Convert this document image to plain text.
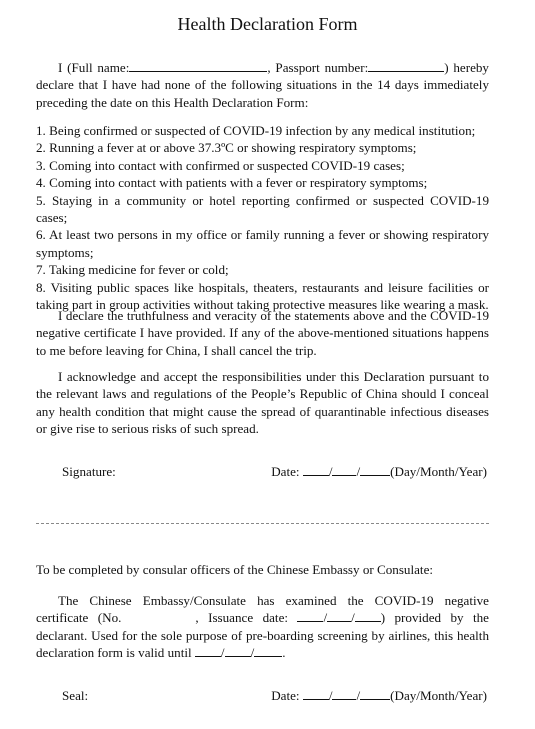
Health Declaration Form
I (Full name:	, Passport number:	) hereby declare that I have had none of the following situations in the 14 days immediately preceding the date on this Health Declaration Form:
1. Being confirmed or suspected of COVID-19 infection by any medical institution;
2. Running a fever at or above 37.3ºC or showing respiratory symptoms;
3. Coming into contact with confirmed or suspected COVID-19 cases;
4. Coming into contact with patients with a fever or respiratory symptoms;
5. Staying in a community or hotel reporting confirmed or suspected COVID-19 cases;
6. At least two persons in my office or family running a fever or showing respiratory symptoms;
7. Taking medicine for fever or cold;
8. Visiting public spaces like hospitals, theaters, restaurants and leisure facilities or taking part in group activities without taking protective measures like wearing a mask.
I declare the truthfulness and veracity of the statements above and the COVID-19 negative certificate I have provided. If any of the above-mentioned situations happens to me before leaving for China, I shall cancel the trip.
I acknowledge and accept the responsibilities under this Declaration pursuant to the relevant laws and regulations of the People’s Republic of China should I conceal any health condition that might cause the spread of quarantinable infectious diseases or give rise to serious risks of such spread.
Signature:	Date: / / (Day/Month/Year)
To be completed by consular officers of the Chinese Embassy or Consulate:
The Chinese Embassy/Consulate has examined the COVID-19 negative certificate (No.	, Issuance date:	/ / ) provided by the declarant. Used for the sole purpose of pre-boarding screening by airlines, this health declaration form is valid until / / .
Seal:	Date: / / (Day/Month/Year)
